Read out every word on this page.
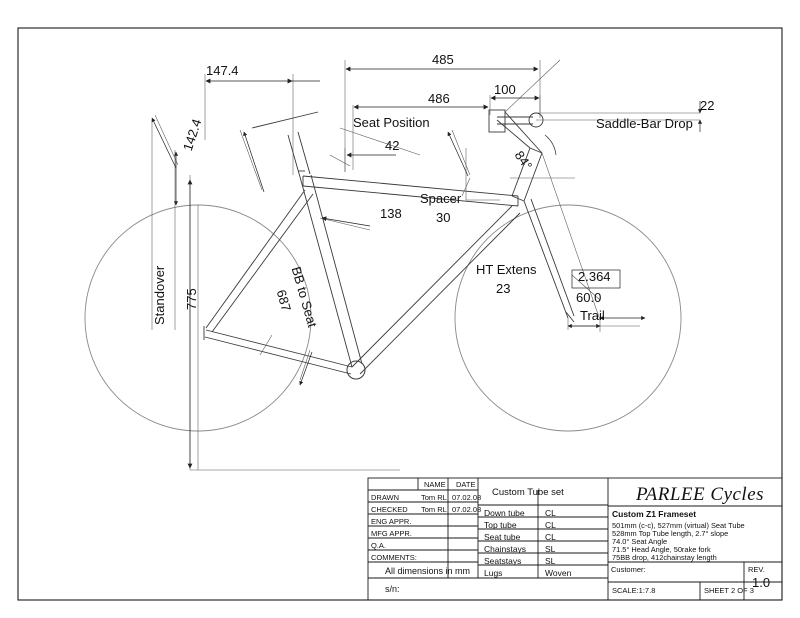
485
147.4
486
100
22
Saddle-Bar Drop
Seat Position
42
Spacer
30
138
HT Extens
23
2.364
60.0
Trail
84°
142.4
Standover 775	BB to Seat
687
NAME DATE
DRAWN	Tom RL 07.02.08
CHECKED Tom RL 07.02.08
ENG APPR.
MFG APPR.
Q.A.
COMMENTS:
All dimensions in mm
s/n:
Custom Tube set
Down tube CL
Top tube	CL
Seat tube	CL
Chainstays SL
Seatstays	SL
Lugs	Woven
PARLEE Cycles
Custom Z1 Frameset
501mm (c-c), 527mm (virtual) Seat Tube
528mm Top Tube length, 2.7° slope
74.0° Seat Angle
71.5° Head Angle, 50rake fork
75BB drop, 412chainstay length
Customer:	REV.
1.0
SCALE:1:7.8	SHEET 2 OF 3
